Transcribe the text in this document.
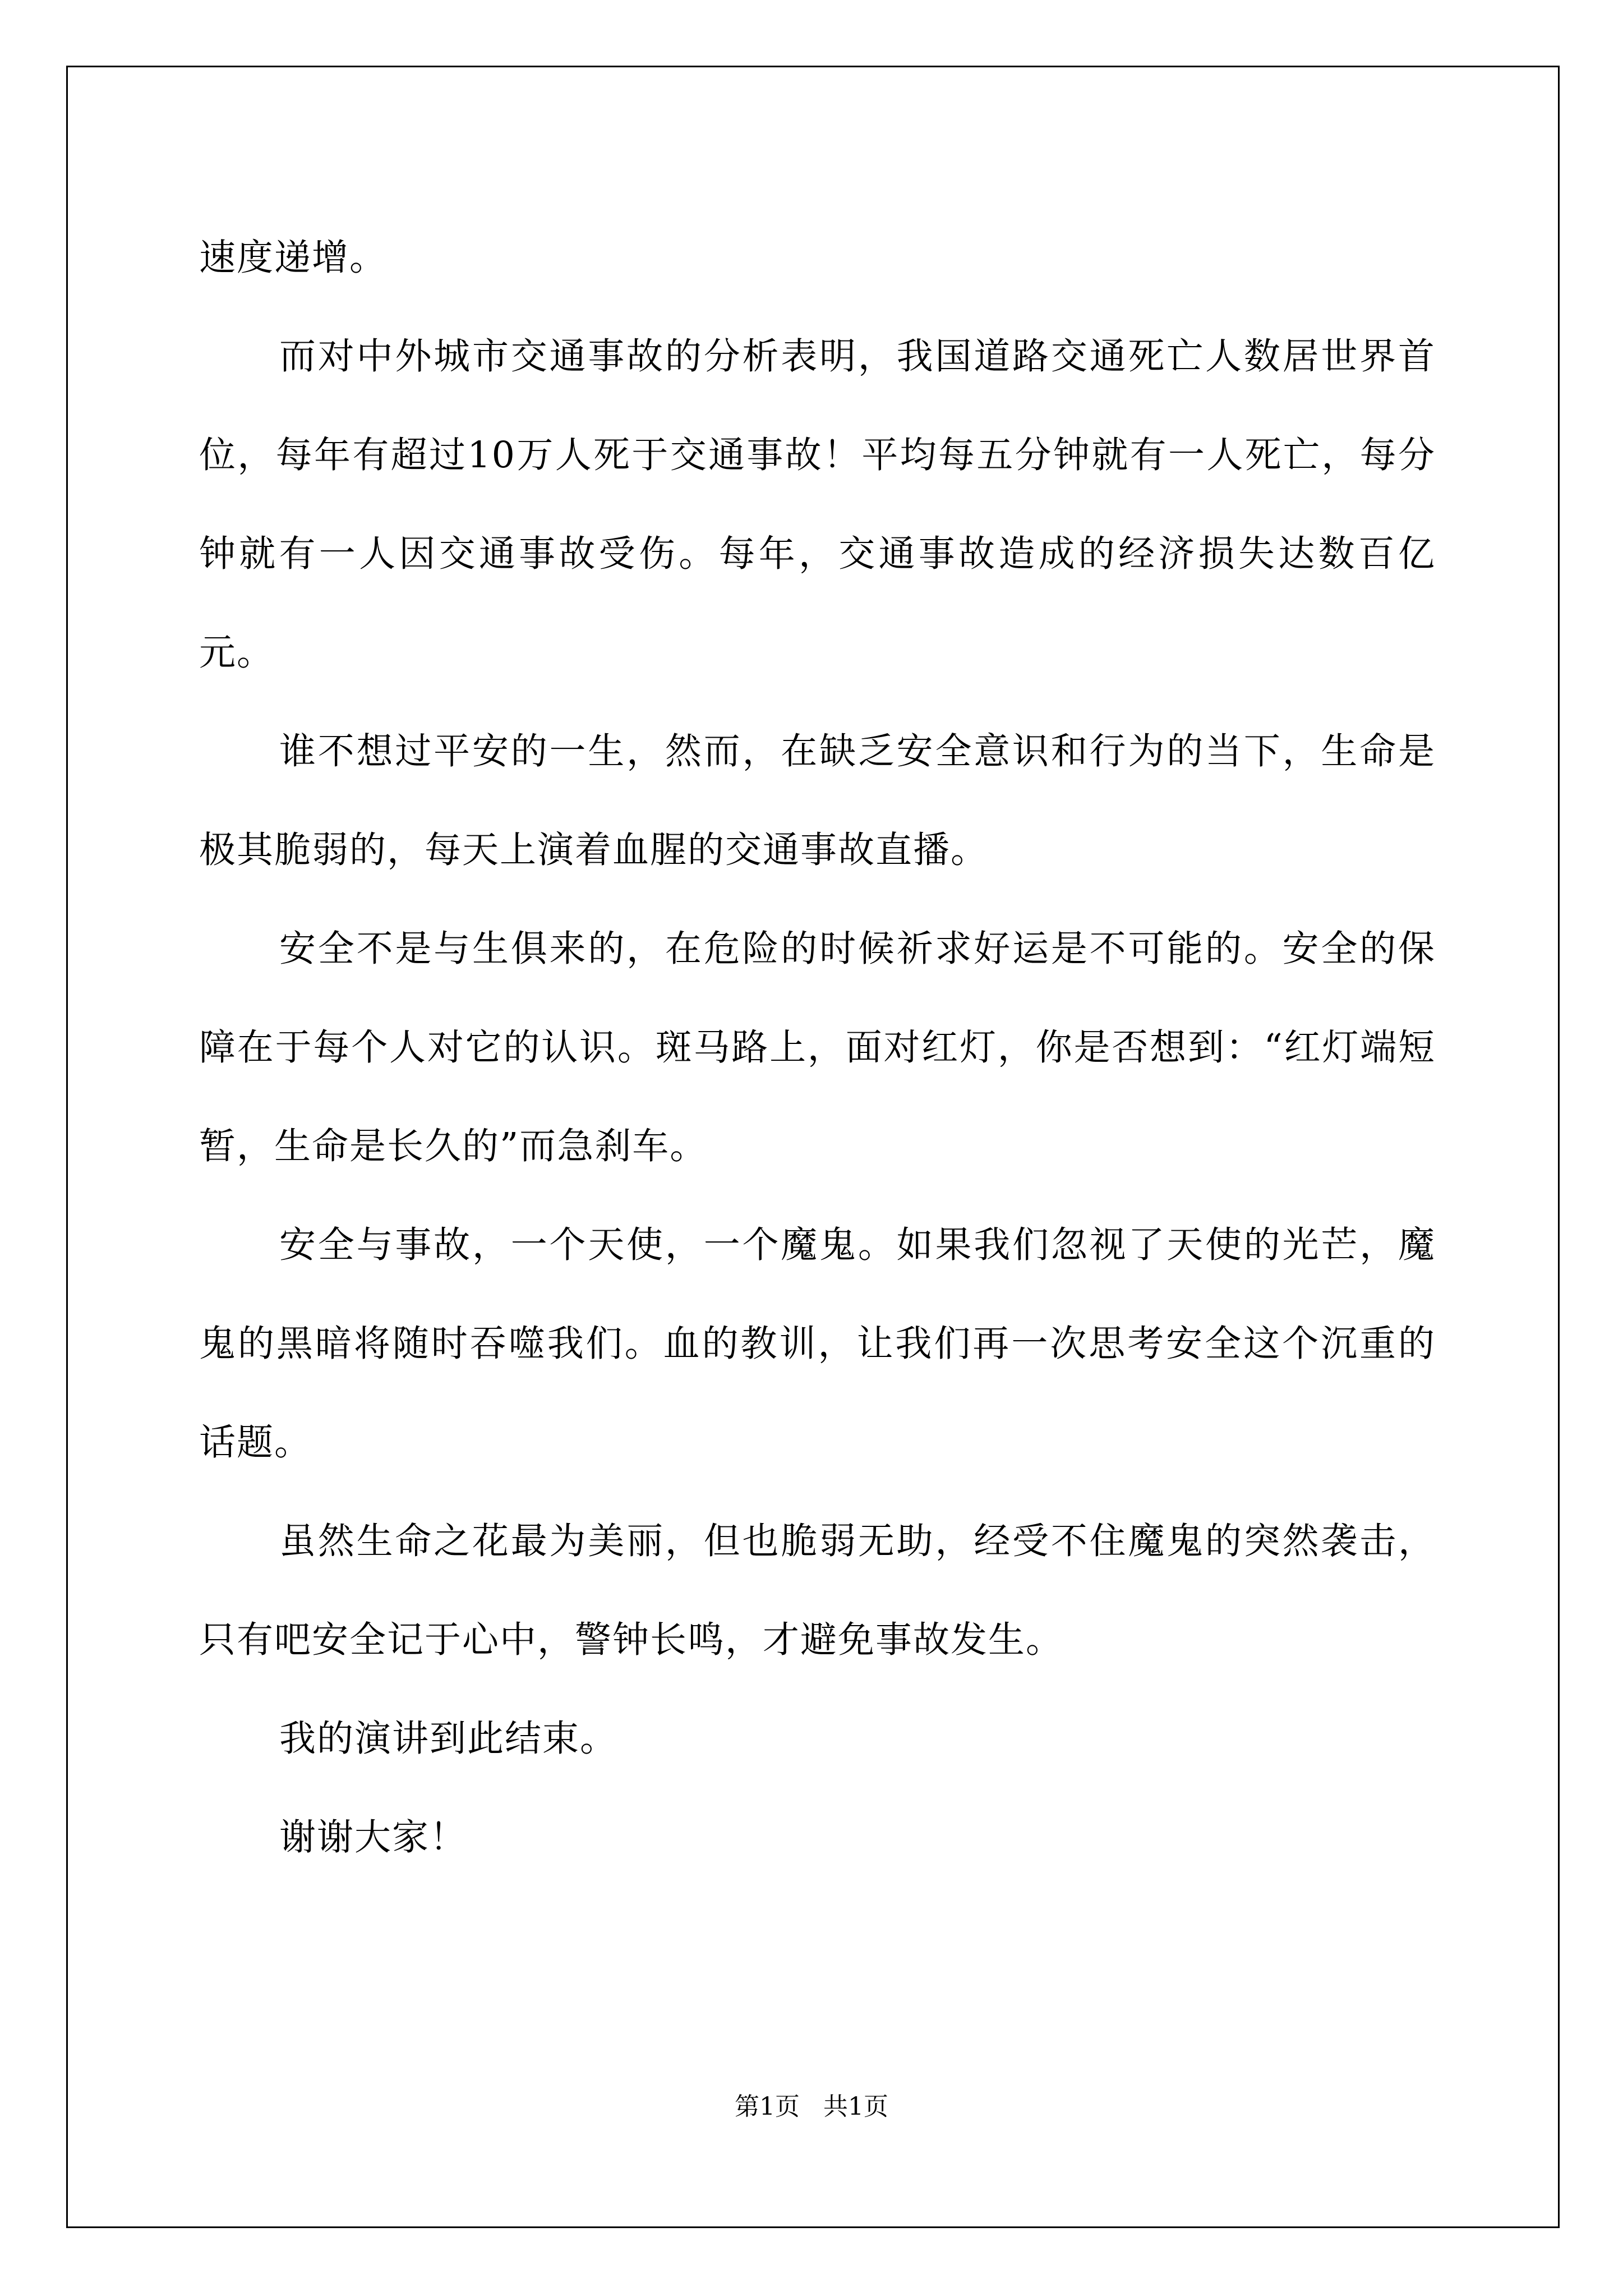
速度递增。

而对中外城市交通事故的分析表明，我国道路交通死亡人数居世界首位，每年有超过10万人死于交通事故！平均每五分钟就有一人死亡，每分钟就有一人因交通事故受伤。每年，交通事故造成的经济损失达数百亿元。

谁不想过平安的一生，然而，在缺乏安全意识和行为的当下，生命是极其脆弱的，每天上演着血腥的交通事故直播。

安全不是与生俱来的，在危险的时候祈求好运是不可能的。安全的保障在于每个人对它的认识。斑马路上，面对红灯，你是否想到：“红灯端短暂，生命是长久的”而急刹车。

安全与事故，一个天使，一个魔鬼。如果我们忽视了天使的光芒，魔鬼的黑暗将随时吞噬我们。血的教训，让我们再一次思考安全这个沉重的话题。

虽然生命之花最为美丽，但也脆弱无助，经受不住魔鬼的突然袭击，只有吧安全记于心中，警钟长鸣，才避免事故发生。

我的演讲到此结束。

谢谢大家！

第1页   共1页
